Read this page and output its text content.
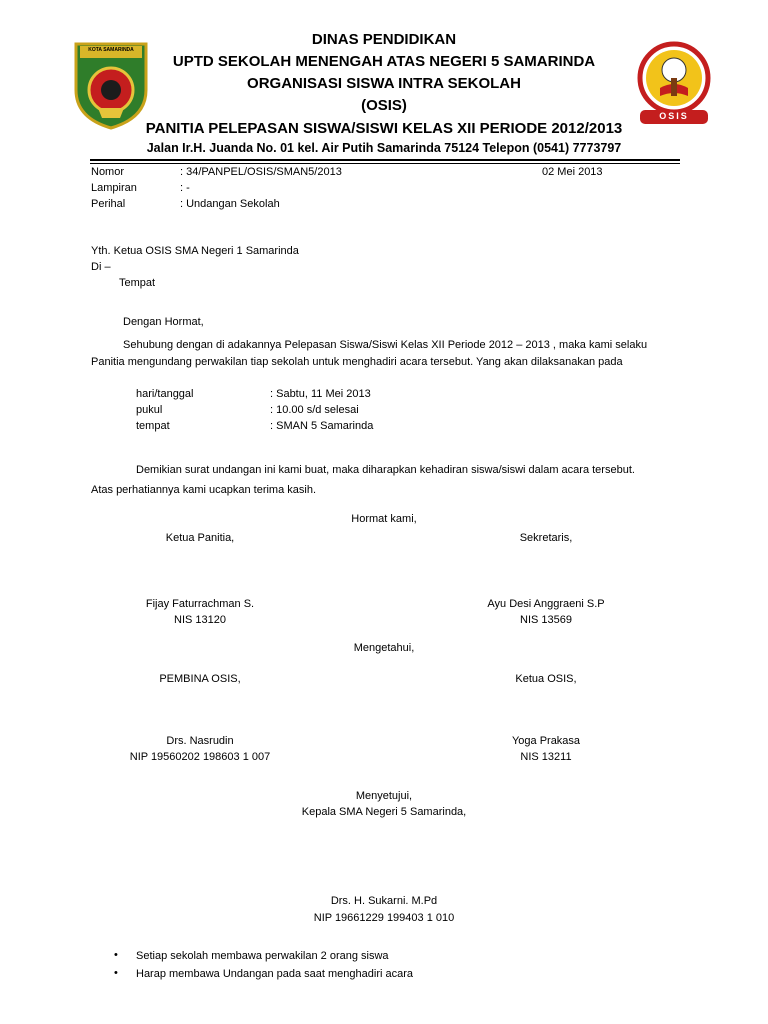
KOTA SAMARINDA
OSIS
DINAS PENDIDIKAN
UPTD SEKOLAH MENENGAH ATAS NEGERI 5 SAMARINDA
ORGANISASI SISWA INTRA SEKOLAH
(OSIS)
PANITIA PELEPASAN SISWA/SISWI KELAS XII PERIODE 2012/2013
Jalan Ir.H. Juanda No. 01 kel. Air Putih Samarinda 75124 Telepon (0541) 7773797
Nomor	: 34/PANPEL/OSIS/SMAN5/2013	02 Mei 2013
Lampiran	: -
Perihal	: Undangan Sekolah
Yth. Ketua OSIS SMA Negeri 1 Samarinda
Di –
Tempat
Dengan Hormat,
Sehubung dengan di adakannya Pelepasan Siswa/Siswi Kelas XII Periode 2012 – 2013 , maka kami selaku
Panitia mengundang perwakilan tiap sekolah untuk menghadiri acara tersebut. Yang akan dilaksanakan pada
hari/tanggal	: Sabtu, 11 Mei 2013
pukul	: 10.00 s/d selesai
tempat	: SMAN 5 Samarinda
Demikian surat undangan ini kami buat, maka diharapkan kehadiran siswa/siswi dalam acara tersebut.
Atas perhatiannya kami ucapkan terima kasih.
Hormat kami,
Ketua Panitia,	Sekretaris,
Fijay Faturrachman S.
NIS 13120
Ayu Desi Anggraeni S.P
NIS 13569
Mengetahui,
PEMBINA OSIS,	Ketua OSIS,
Drs. Nasrudin
NIP 19560202 198603 1 007
Yoga Prakasa
NIS 13211
Menyetujui,
Kepala SMA Negeri 5 Samarinda,
Drs. H. Sukarni. M.Pd
NIP 19661229 199403 1 010
• Setiap sekolah membawa perwakilan 2 orang siswa
• Harap membawa Undangan pada saat menghadiri acara
